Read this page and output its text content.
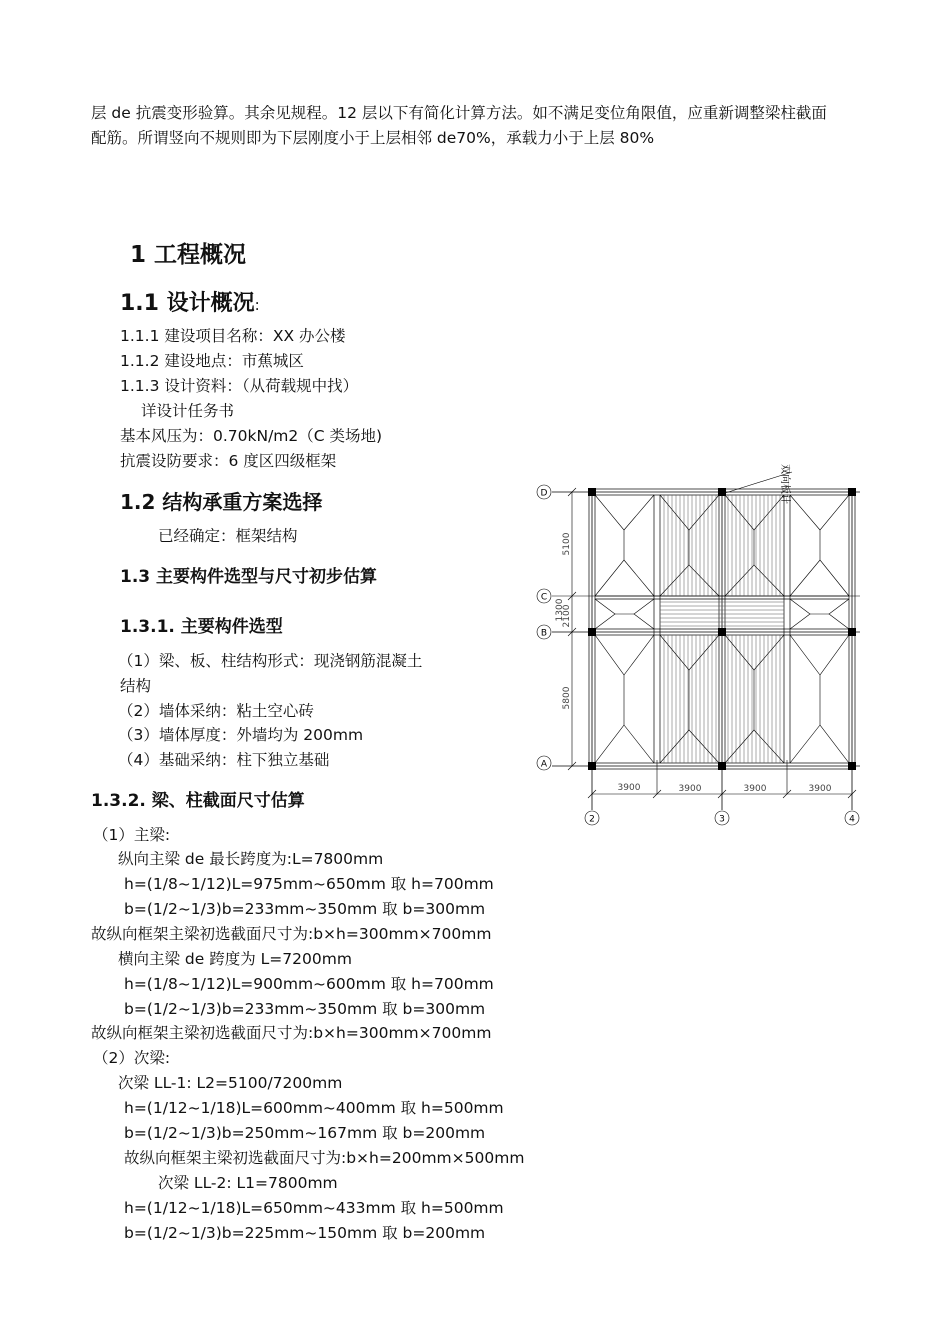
层 de 抗震变形验算。其余见规程。12 层以下有简化计算方法。如不满足变位角限值，应重新调整梁柱截面
配筋。所谓竖向不规则即为下层刚度小于上层相邻 de70%，承载力小于上层 80%
1 工程概况
1.1 设计概况:
1.1.1 建设项目名称：XX 办公楼
1.1.2 建设地点：市蕉城区
1.1.3 设计资料：（从荷载规中找）
详设计任务书
基本风压为：0.70kN/m2（C 类场地)
抗震设防要求：6 度区四级框架
1.2 结构承重方案选择
已经确定：框架结构
1.3 主要构件选型与尺寸初步估算
1.3.1. 主要构件选型
（1）梁、板、柱结构形式：现浇钢筋混凝土
结构
（2）墙体采纳：粘土空心砖
（3）墙体厚度：外墙均为 200mm
（4）基础采纳：柱下独立基础
1.3.2. 梁、柱截面尺寸估算
（1）主梁:
纵向主梁 de 最长跨度为:L=7800mm
h=(1/8~1/12)L=975mm~650mm 取 h=700mm
b=(1/2~1/3)b=233mm~350mm 取 b=300mm
故纵向框架主梁初选截面尺寸为:b×h=300mm×700mm
横向主梁 de 跨度为 L=7200mm
h=(1/8~1/12)L=900mm~600mm 取 h=700mm
b=(1/2~1/3)b=233mm~350mm 取 b=300mm
故纵向框架主梁初选截面尺寸为:b×h=300mm×700mm
（2）次梁:
次梁 LL-1: L2=5100/7200mm
h=(1/12~1/18)L=600mm~400mm 取 h=500mm
b=(1/2~1/3)b=250mm~167mm 取 b=200mm
故纵向框架主梁初选截面尺寸为:b×h=200mm×500mm
次梁 LL-2: L1=7800mm
h=(1/12~1/18)L=650mm~433mm 取 h=500mm
b=(1/2~1/3)b=225mm~150mm 取 b=200mm
D
C
B
A
2	3	4
5100
1300
2100
5800
3900	3900	3900	3900
双向板计
